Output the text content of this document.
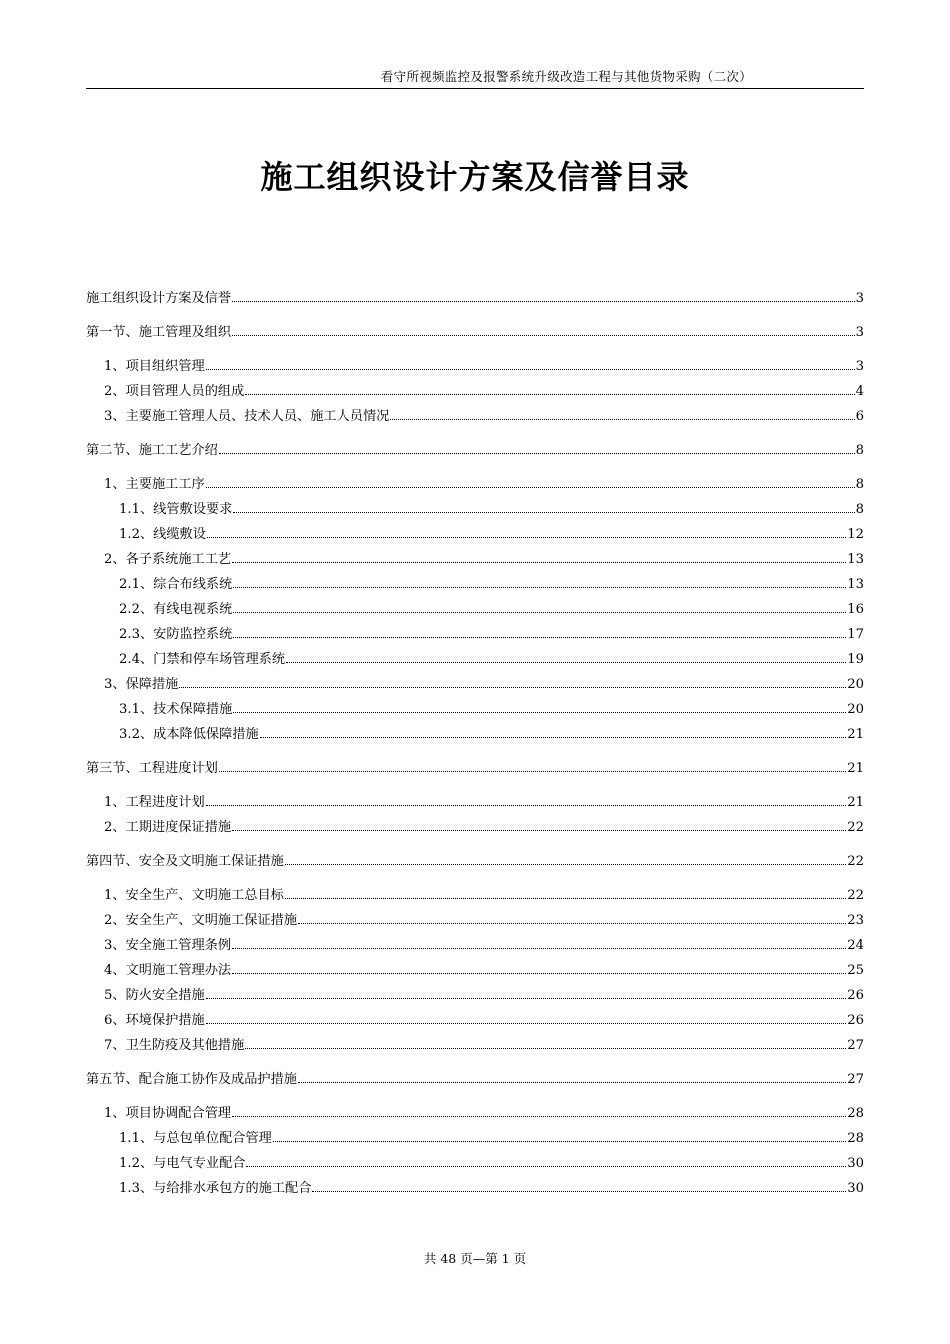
看守所视频监控及报警系统升级改造工程与其他货物采购（二次）
施工组织设计方案及信誉目录
施工组织设计方案及信誉	3
第一节、施工管理及组织	3
1、项目组织管理	3
2、项目管理人员的组成	4
3、主要施工管理人员、技术人员、施工人员情况	6
第二节、施工工艺介绍	8
1、主要施工工序	8
1.1、线管敷设要求	8
1.2、线缆敷设	12
2、各子系统施工工艺	13
2.1、综合布线系统	13
2.2、有线电视系统	16
2.3、安防监控系统	17
2.4、门禁和停车场管理系统	19
3、保障措施	20
3.1、技术保障措施	20
3.2、成本降低保障措施	21
第三节、工程进度计划	21
1、工程进度计划	21
2、工期进度保证措施	22
第四节、安全及文明施工保证措施	22
1、安全生产、文明施工总目标	22
2、安全生产、文明施工保证措施	23
3、安全施工管理条例	24
4、文明施工管理办法	25
5、防火安全措施	26
6、环境保护措施	26
7、卫生防疫及其他措施	27
第五节、配合施工协作及成品护措施	27
1、项目协调配合管理	28
1.1、与总包单位配合管理	28
1.2、与电气专业配合	30
1.3、与给排水承包方的施工配合	30
共 48 页—第 1 页
